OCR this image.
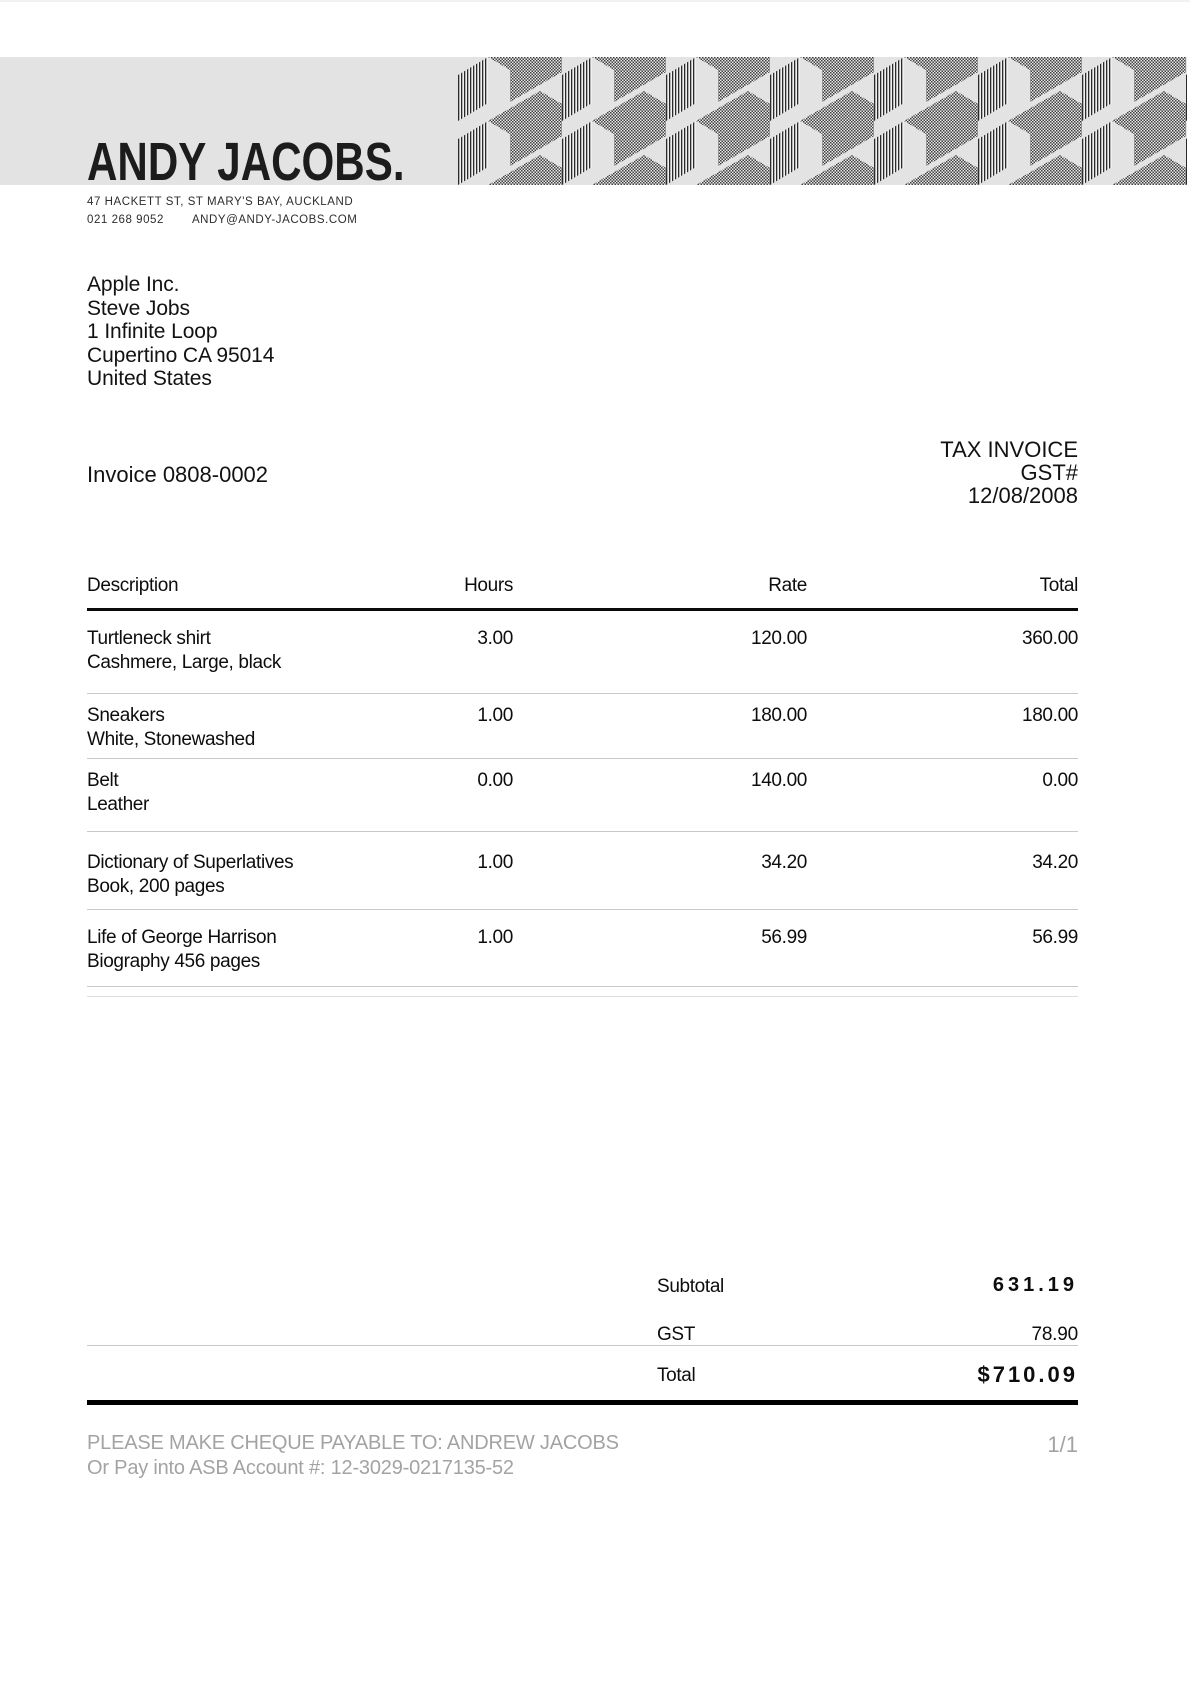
ANDY JACOBS.
47 HACKETT ST, ST MARY'S BAY, AUCKLAND
021 268 9052 ANDY@ANDY-JACOBS.COM
Apple Inc.
Steve Jobs
1 Infinite Loop
Cupertino CA 95014
United States
Invoice 0808-0002
TAX INVOICE
GST#
12/08/2008
Description	Hours	Rate	Total
Turtleneck shirt
Cashmere, Large, black
3.00	120.00	360.00
Sneakers
White, Stonewashed
1.00	180.00	180.00
Belt
Leather
0.00	140.00	0.00
Dictionary of Superlatives
Book, 200 pages
1.00	34.20	34.20
Life of George Harrison
Biography 456 pages
1.00	56.99	56.99
Subtotal	631.19
GST	78.90
Total	$710.09
PLEASE MAKE CHEQUE PAYABLE TO: ANDREW JACOBS
Or Pay into ASB Account #: 12-3029-0217135-52
1/1
